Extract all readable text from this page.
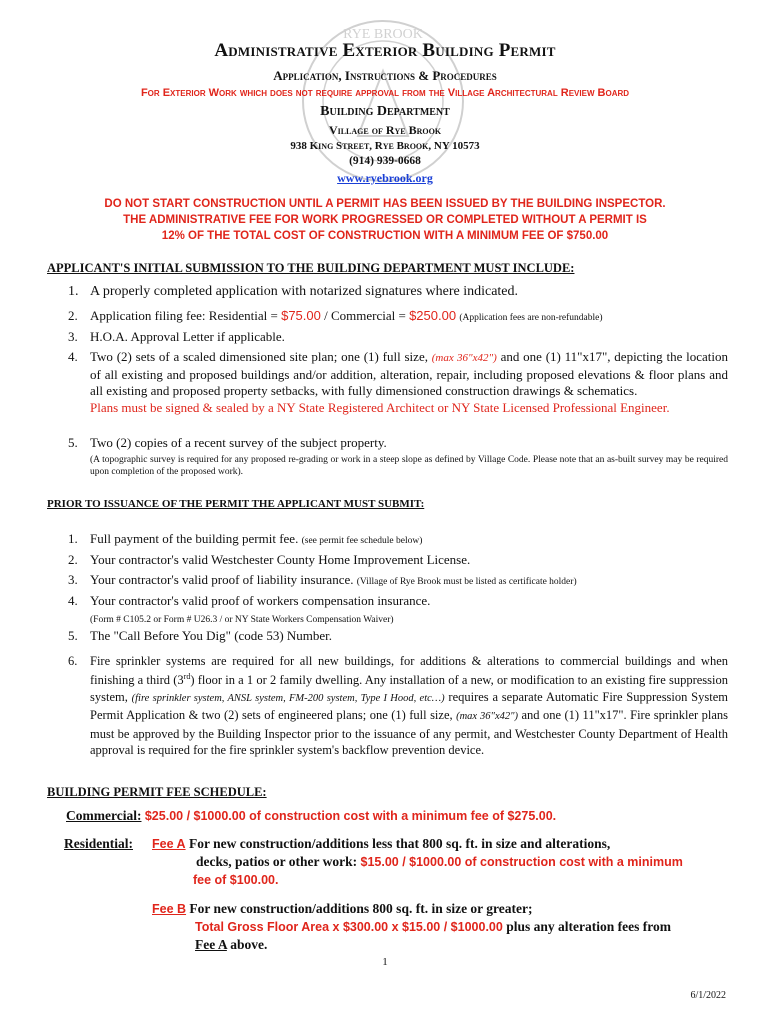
RYE BROOK
Administrative Exterior Building Permit
Application, Instructions & Procedures
For Exterior Work which does not require approval from the Village Architectural Review Board
Building Department
Village of Rye Brook
938 King Street, Rye Brook, NY 10573
(914) 939-0668
www.ryebrook.org
DO NOT START CONSTRUCTION UNTIL A PERMIT HAS BEEN ISSUED BY THE BUILDING INSPECTOR.
THE ADMINISTRATIVE FEE FOR WORK PROGRESSED OR COMPLETED WITHOUT A PERMIT IS
12% OF THE TOTAL COST OF CONSTRUCTION WITH A MINIMUM FEE OF $750.00
APPLICANT'S INITIAL SUBMISSION TO THE BUILDING DEPARTMENT MUST INCLUDE:
1. A properly completed application with notarized signatures where indicated.
2. Application filing fee: Residential = $75.00 / Commercial = $250.00 (Application fees are non-refundable)
3. H.O.A. Approval Letter if applicable.
4. Two (2) sets of a scaled dimensioned site plan; one (1) full size, (max 36"x42") and one (1) 11"x17", depicting the location of all existing and proposed buildings and/or addition, alteration, repair, including proposed elevations & floor plans and all existing and proposed property setbacks, with fully dimensioned construction drawings & schematics.
Plans must be signed & sealed by a NY State Registered Architect or NY State Licensed Professional Engineer.
5. Two (2) copies of a recent survey of the subject property.

(A topographic survey is required for any proposed re-grading or work in a steep slope as defined by Village Code. Please note that an as-built survey may be required upon completion of the proposed work).
PRIOR TO ISSUANCE OF THE PERMIT THE APPLICANT MUST SUBMIT:
1. Full payment of the building permit fee. (see permit fee schedule below)
2. Your contractor's valid Westchester County Home Improvement License.
3. Your contractor's valid proof of liability insurance. (Village of Rye Brook must be listed as certificate holder)
4. Your contractor's valid proof of workers compensation insurance.
(Form # C105.2 or Form # U26.3 / or NY State Workers Compensation Waiver)
5. The "Call Before You Dig" (code 53) Number.
6.	Fire sprinkler systems are required for all new buildings, for additions & alterations to commercial buildings and when finishing a third (3rd) floor in a 1 or 2 family dwelling. Any installation of a new, or modification to an existing fire suppression system, (fire sprinkler system, ANSL system, FM-200 system, Type I Hood, etc…) requires a separate Automatic Fire Suppression System Permit Application & two (2) sets of engineered plans; one (1) full size, (max 36"x42") and one (1) 11"x17". Fire sprinkler plans must be approved by the Building Inspector prior to the issuance of any permit, and Westchester County Department of Health approval is required for the fire sprinkler system's backflow prevention device.
BUILDING PERMIT FEE SCHEDULE:
Commercial: $25.00 / $1000.00 of construction cost with a minimum fee of $275.00.
Residential: Fee A For new construction/additions less that 800 sq. ft. in size and alterations,
decks, patios or other work: $15.00 / $1000.00 of construction cost with a minimum
fee of $100.00.
Fee B For new construction/additions 800 sq. ft. in size or greater;
Total Gross Floor Area x $300.00 x $15.00 / $1000.00 plus any alteration fees from
Fee A above.
1
6/1/2022
